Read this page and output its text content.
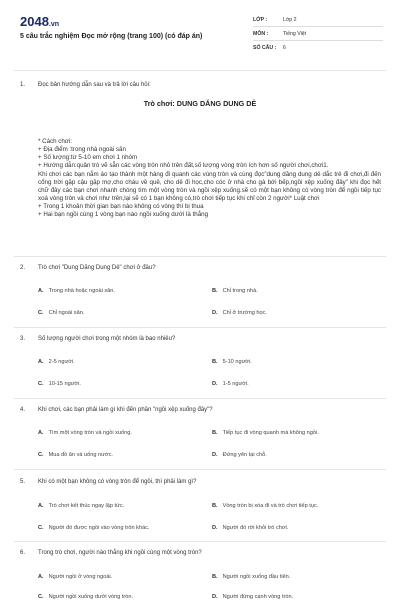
2048.vn
5 câu trắc nghiệm Đọc mở rộng (trang 100) (có đáp án)
LỚP :	Lớp 2
MÔN :	Tiếng Việt
SỐ CÂU : 6
1. Đọc bản hướng dẫn sau và trả lời câu hỏi:
Trò chơi: DUNG DĂNG DUNG DẺ

* Cách chơi:

+ Địa điểm :trong nhà ngoài sân

+ Số lượng:từ 5-10 em chơi 1 nhóm

+ Hướng dẫn:quân trò vẽ sẵn các vòng tròn nhỏ trên đất,số lượng vòng tròn ích hơn số người chơi,chơi1.

Khi chơi các bạn nắm áo tạo thành một hàng đi quanh các vùng tròn và cùng đọc"dung dăng dung dẻ dắc trẻ đi chơi,đi đến cổng trời gặp cậu gặp mợ,cho cháu về quê, cho dê đi học,cho cóc ở nhà cho gà bới bếp,ngồi xệp xuống đây" khi đọc hết chữ đây các bạn chơi nhanh chóng tìm một vòng tròn và ngồi xệp xuống.sẽ có một bạn không có vòng tròn để ngồi tiếp tục xoá vòng tròn và chơi như trên,lại sẽ có 1 bạn không có,trò chơi tiếp tục khi chỉ còn 2 người* Luật chơi

+ Trong 1 khoản thời gian bạn nào không có vòng thì bị thua

+ Hai bạn ngồi cùng 1 vòng bạn nào ngồi xuống dưới là thắng

2. Trò chơi "Dung Dăng Dung Dẻ" chơi ở đâu?
A. Trong nhà hoặc ngoài sân.	B. Chỉ trong nhà.
C. Chỉ ngoài sân.	D. Chỉ ở trường học.
3. Số lượng người chơi trong một nhóm là bao nhiêu?
A. 2-5 người.	B. 5-10 người.
C. 10-15 người.	D. 1-5 người.
4. Khi chơi, các bạn phải làm gì khi đến phần "ngồi xệp xuống đây"?
A. Tìm một vòng tròn và ngồi xuống.	B. Tiếp tục đi vòng quanh mà không ngồi.
C. Mua đồ ăn và uống nước.	D. Đứng yên tại chỗ.
5. Khi có một bạn không có vòng tròn để ngồi, thì phải làm gì?
A. Trò chơi kết thúc ngay lập tức.	B. Vòng tròn bị xóa đi và trò chơi tiếp tục.
C. Người đó được ngồi vào vòng tròn khác.	D. Người đó rời khỏi trò chơi.
6. Trong trò chơi, người nào thắng khi ngồi cùng một vòng tròn?
A. Người ngồi ở vòng ngoài.	B. Người ngồi xuống đầu tiên.
C. Người ngồi xuống dưới vòng tròn.	D. Người đứng cạnh vòng tròn.
